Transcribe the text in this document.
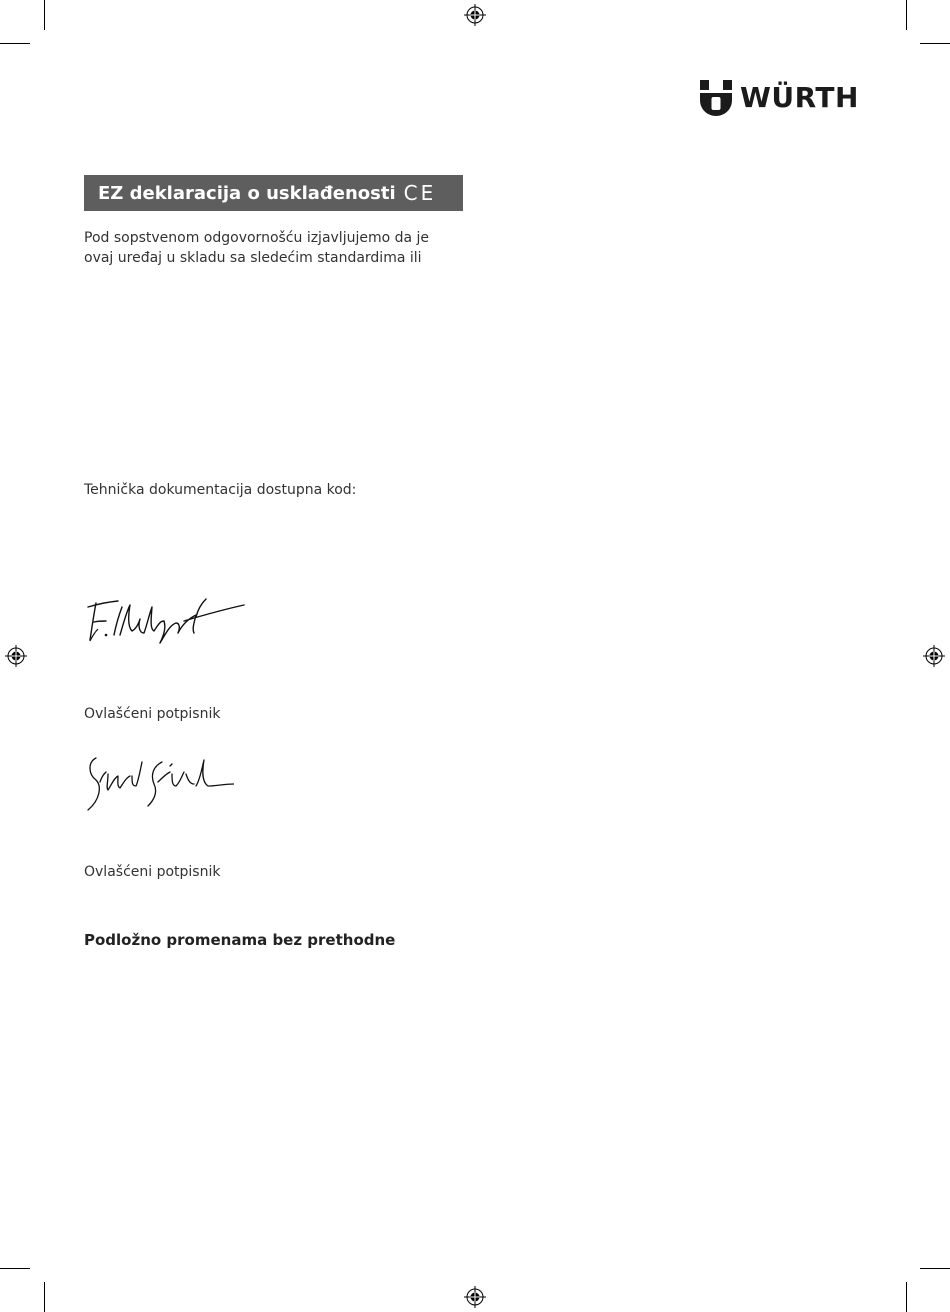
WÜRTH
EZ deklaracija o usklađenosti CE
Pod sopstvenom odgovornošću izjavljujemo da je
ovaj uređaj u skladu sa sledećim standardima ili
Tehnička dokumentacija dostupna kod:
Ovlašćeni potpisnik
Ovlašćeni potpisnik
Podložno promenama bez prethodne
